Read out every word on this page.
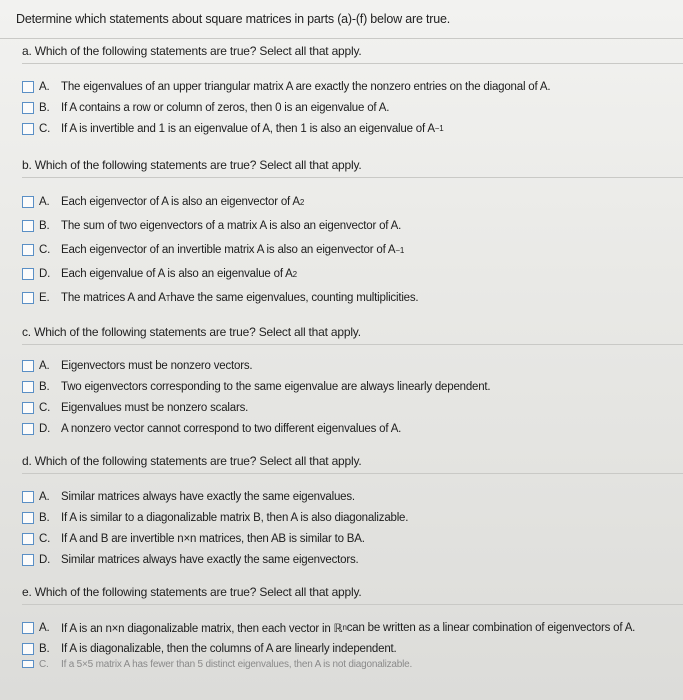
Determine which statements about square matrices in parts (a)-(f) below are true.
a. Which of the following statements are true? Select all that apply.
A.	The eigenvalues of an upper triangular matrix A are exactly the nonzero entries on the diagonal of A.
B.	If A contains a row or column of zeros, then 0 is an eigenvalue of A.
C. If A is invertible and 1 is an eigenvalue of A, then 1 is also an eigenvalue of A −1
b. Which of the following statements are true? Select all that apply.
A.	Each eigenvector of A is also an eigenvector of A 2
B.	The sum of two eigenvectors of a matrix A is also an eigenvector of A.
C. Each eigenvector of an invertible matrix A is also an eigenvector of A −1
D. Each eigenvalue of A is also an eigenvalue of A 2
E.	The matrices A and A T have the same eigenvalues, counting multiplicities.
c. Which of the following statements are true? Select all that apply.
A.	Eigenvectors must be nonzero vectors.
B.	Two eigenvectors corresponding to the same eigenvalue are always linearly dependent.
C. Eigenvalues must be nonzero scalars.
D. A nonzero vector cannot correspond to two different eigenvalues of A.
d. Which of the following statements are true? Select all that apply.
A.	Similar matrices always have exactly the same eigenvalues.
B.	If A is similar to a diagonalizable matrix B, then A is also diagonalizable.
C. If A and B are invertible n×n matrices, then AB is similar to BA.
D. Similar matrices always have exactly the same eigenvectors.
e. Which of the following statements are true? Select all that apply.
A.	If A is an n×n diagonalizable matrix, then each vector in ℝ n can be written as a linear combination of eigenvectors of A.
B.	If A is diagonalizable, then the columns of A are linearly independent.
C.	If a 5×5 matrix A has fewer than 5 distinct eigenvalues, then A is not diagonalizable.
